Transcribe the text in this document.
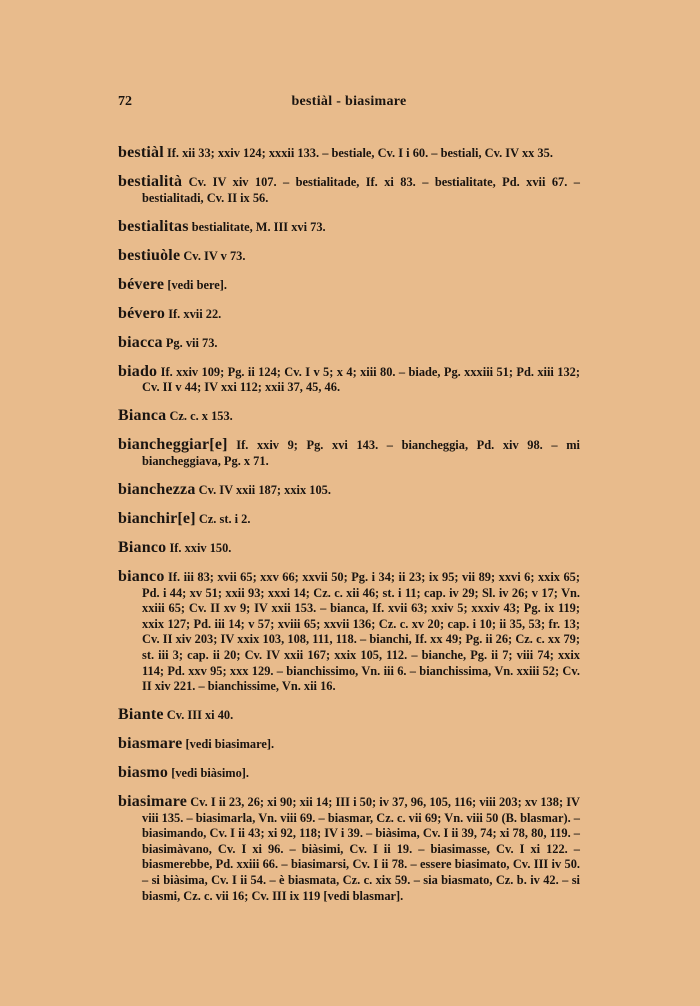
72	bestiàl - biasimare

bestiàl If. xii 33; xxiv 124; xxxii 133. – bestiale, Cv. I i 60. – bestiali, Cv. IV xx 35.

bestialità Cv. IV xiv 107. – bestialitade, If. xi 83. – bestialitate, Pd. xvii 67. – bestialitadi, Cv. II ix 56.

bestialitas bestialitate, M. III xvi 73.

bestiuòle Cv. IV v 73.

bévere [vedi bere].

bévero If. xvii 22.

biacca Pg. vii 73.

biado If. xxiv 109; Pg. ii 124; Cv. I v 5; x 4; xiii 80. – biade, Pg. xxxiii 51; Pd. xiii 132; Cv. II v 44; IV xxi 112; xxii 37, 45, 46.

Bianca Cz. c. x 153.

biancheggiar[e] If. xxiv 9; Pg. xvi 143. – biancheggia, Pd. xiv 98. – mi biancheggiava, Pg. x 71.

bianchezza Cv. IV xxii 187; xxix 105.

bianchir[e] Cz. st. i 2.

Bianco If. xxiv 150.

bianco If. iii 83; xvii 65; xxv 66; xxvii 50; Pg. i 34; ii 23; ix 95; vii 89; xxvi 6; xxix 65; Pd. i 44; xv 51; xxii 93; xxxi 14; Cz. c. xii 46; st. i 11; cap. iv 29; Sl. iv 26; v 17; Vn. xxiii 65; Cv. II xv 9; IV xxii 153. – bianca, If. xvii 63; xxiv 5; xxxiv 43; Pg. ix 119; xxix 127; Pd. iii 14; v 57; xviii 65; xxvii 136; Cz. c. xv 20; cap. i 10; ii 35, 53; fr. 13; Cv. II xiv 203; IV xxix 103, 108, 111, 118. – bianchi, If. xx 49; Pg. ii 26; Cz. c. xx 79; st. iii 3; cap. ii 20; Cv. IV xxii 167; xxix 105, 112. – bianche, Pg. ii 7; viii 74; xxix 114; Pd. xxv 95; xxx 129. – bianchissimo, Vn. iii 6. – bianchissima, Vn. xxiii 52; Cv. II xiv 221. – bianchissime, Vn. xii 16.

Biante Cv. III xi 40.

biasmare [vedi biasimare].

biasmo [vedi biàsimo].

biasimare Cv. I ii 23, 26; xi 90; xii 14; III i 50; iv 37, 96, 105, 116; viii 203; xv 138; IV viii 135. – biasimarla, Vn. viii 69. – biasmar, Cz. c. vii 69; Vn. viii 50 (B. blasmar). – biasimando, Cv. I ii 43; xi 92, 118; IV i 39. – biàsima, Cv. I ii 39, 74; xi 78, 80, 119. – biasimàvano, Cv. I xi 96. – biàsimi, Cv. I ii 19. – biasimasse, Cv. I xi 122. – biasmerebbe, Pd. xxiii 66. – biasimarsi, Cv. I ii 78. – essere biasimato, Cv. III iv 50. – si biàsima, Cv. I ii 54. – è biasmata, Cz. c. xix 59. – sia biasmato, Cz. b. iv 42. – si biasmi, Cz. c. vii 16; Cv. III ix 119 [vedi blasmar].
